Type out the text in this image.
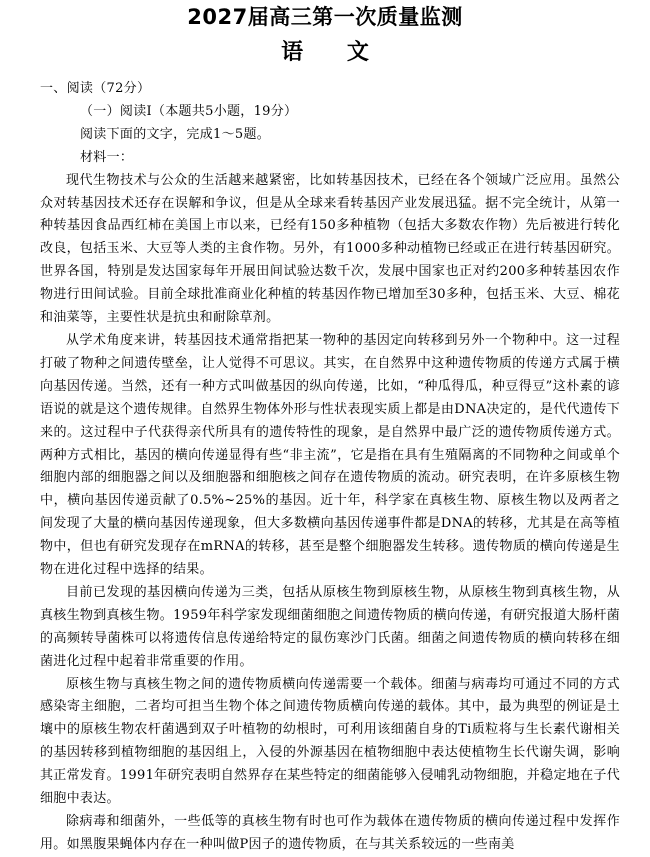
2027届高三第一次质量监测
语 文

一、阅读（72分）

（一）阅读Ⅰ（本题共5小题，19分）

阅读下面的文字，完成1～5题。

材料一：

现代生物技术与公众的生活越来越紧密，比如转基因技术，已经在各个领域广泛应用。虽然公众对转基因技术还存在误解和争议，但是从全球来看转基因产业发展迅猛。据不完全统计，从第一种转基因食品西红柿在美国上市以来，已经有150多种植物（包括大多数农作物）先后被进行转化改良，包括玉米、大豆等人类的主食作物。另外，有1000多种动植物已经或正在进行转基因研究。世界各国，特别是发达国家每年开展田间试验达数千次，发展中国家也正对约200多种转基因农作物进行田间试验。目前全球批准商业化种植的转基因作物已增加至30多种，包括玉米、大豆、棉花和油菜等，主要性状是抗虫和耐除草剂。

从学术角度来讲，转基因技术通常指把某一物种的基因定向转移到另外一个物种中。这一过程打破了物种之间遗传壁垒，让人觉得不可思议。其实，在自然界中这种遗传物质的传递方式属于横向基因传递。当然，还有一种方式叫做基因的纵向传递，比如，“种瓜得瓜，种豆得豆”这朴素的谚语说的就是这个遗传规律。自然界生物体外形与性状表现实质上都是由DNA决定的，是代代遗传下来的。这过程中子代获得亲代所具有的遗传特性的现象，是自然界中最广泛的遗传物质传递方式。两种方式相比，基因的横向传递显得有些“非主流”，它是指在具有生殖隔离的不同物种之间或单个细胞内部的细胞器之间以及细胞器和细胞核之间存在遗传物质的流动。研究表明，在许多原核生物中，横向基因传递贡献了0.5%~25%的基因。近十年，科学家在真核生物、原核生物以及两者之间发现了大量的横向基因传递现象，但大多数横向基因传递事件都是DNA的转移，尤其是在高等植物中，但也有研究发现存在mRNA的转移，甚至是整个细胞器发生转移。遗传物质的横向传递是生物在进化过程中选择的结果。

目前已发现的基因横向传递为三类，包括从原核生物到原核生物，从原核生物到真核生物，从真核生物到真核生物。1959年科学家发现细菌细胞之间遗传物质的横向传递，有研究报道大肠杆菌的高频转导菌株可以将遗传信息传递给特定的鼠伤寒沙门氏菌。细菌之间遗传物质的横向转移在细菌进化过程中起着非常重要的作用。

原核生物与真核生物之间的遗传物质横向传递需要一个载体。细菌与病毒均可通过不同的方式感染寄主细胞，二者均可担当生物个体之间遗传物质横向传递的载体。其中，最为典型的例证是土壤中的原核生物农杆菌遇到双子叶植物的幼根时，可利用该细菌自身的Ti质粒将与生长素代谢相关的基因转移到植物细胞的基因组上，入侵的外源基因在植物细胞中表达使植物生长代谢失调，影响其正常发育。1991年研究表明自然界存在某些特定的细菌能够入侵哺乳动物细胞，并稳定地在子代细胞中表达。

除病毒和细菌外，一些低等的真核生物有时也可作为载体在遗传物质的横向传递过程中发挥作用。如黑腹果蝇体内存在一种叫做P因子的遗传物质，在与其关系较远的一些南美
